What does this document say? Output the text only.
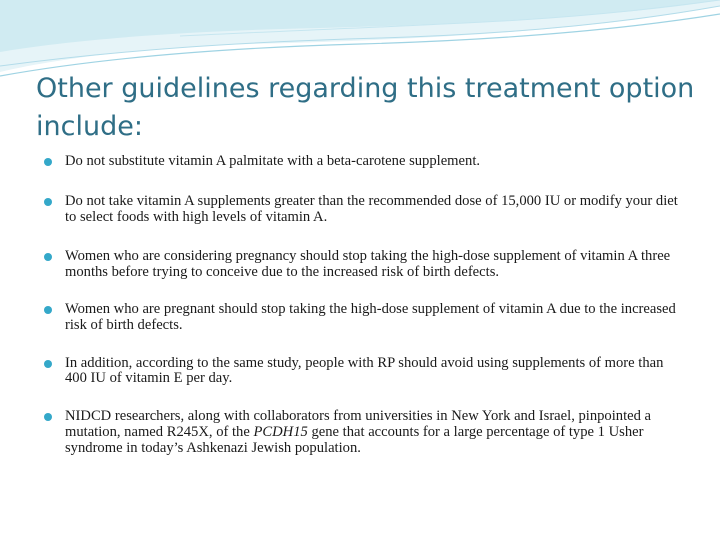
Other guidelines regarding this treatment option include:
Do not substitute vitamin A palmitate with a beta-carotene supplement.
Do not take vitamin A supplements greater than the recommended dose of 15,000 IU or modify your diet to select foods with high levels of vitamin A.
Women who are considering pregnancy should stop taking the high-dose supplement of vitamin A three months before trying to conceive due to the increased risk of birth defects.
Women who are pregnant should stop taking the high-dose supplement of vitamin A due to the increased risk of birth defects.
In addition, according to the same study, people with RP should avoid using supplements of more than 400 IU of vitamin E per day.
NIDCD researchers, along with collaborators from universities in New York and Israel, pinpointed a mutation, named R245X, of the PCDH15 gene that accounts for a large percentage of type 1 Usher syndrome in today’s Ashkenazi Jewish population.
